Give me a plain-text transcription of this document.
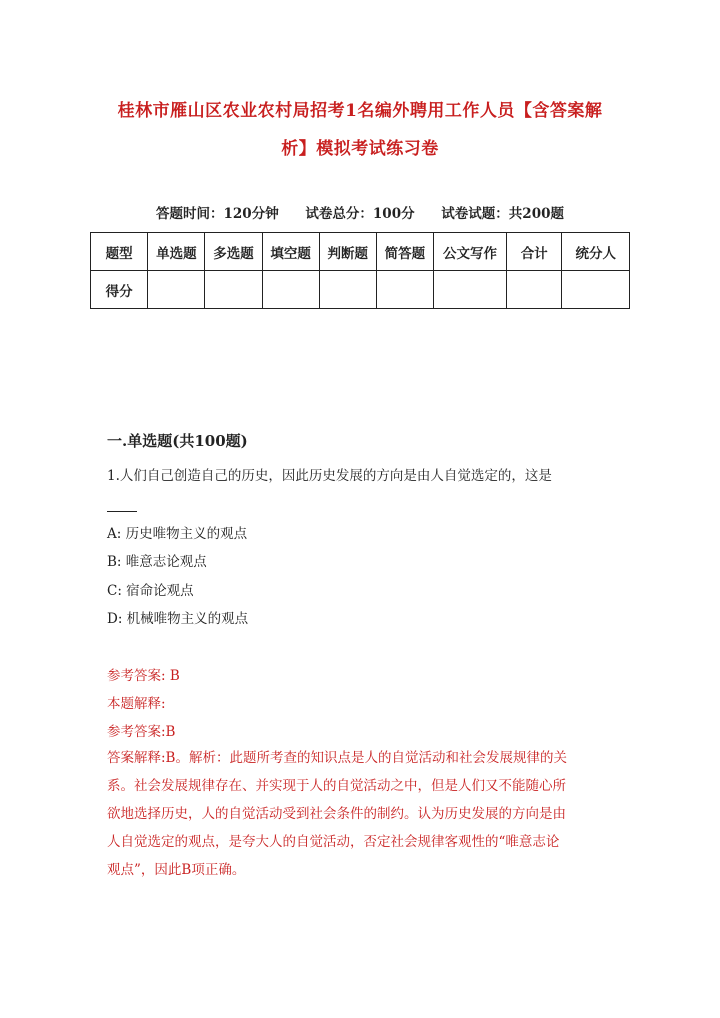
桂林市雁山区农业农村局招考1名编外聘用工作人员【含答案解
析】模拟考试练习卷
答题时间：120分钟 试卷总分：100分 试卷试题：共200题
题型	单选题	多选题	填空题	判断题	简答题	公文写作	合计	统分人
得分								
一.单选题(共100题)
1.人们自己创造自己的历史，因此历史发展的方向是由人自觉选定的，这是
A: 历史唯物主义的观点
B: 唯意志论观点
C: 宿命论观点
D: 机械唯物主义的观点
参考答案: B
本题解释:
参考答案:B
答案解释:B。解析：此题所考查的知识点是人的自觉活动和社会发展规律的关
系。社会发展规律存在、并实现于人的自觉活动之中，但是人们又不能随心所
欲地选择历史，人的自觉活动受到社会条件的制约。认为历史发展的方向是由
人自觉选定的观点，是夸大人的自觉活动，否定社会规律客观性的“唯意志论
观点”，因此B项正确。
